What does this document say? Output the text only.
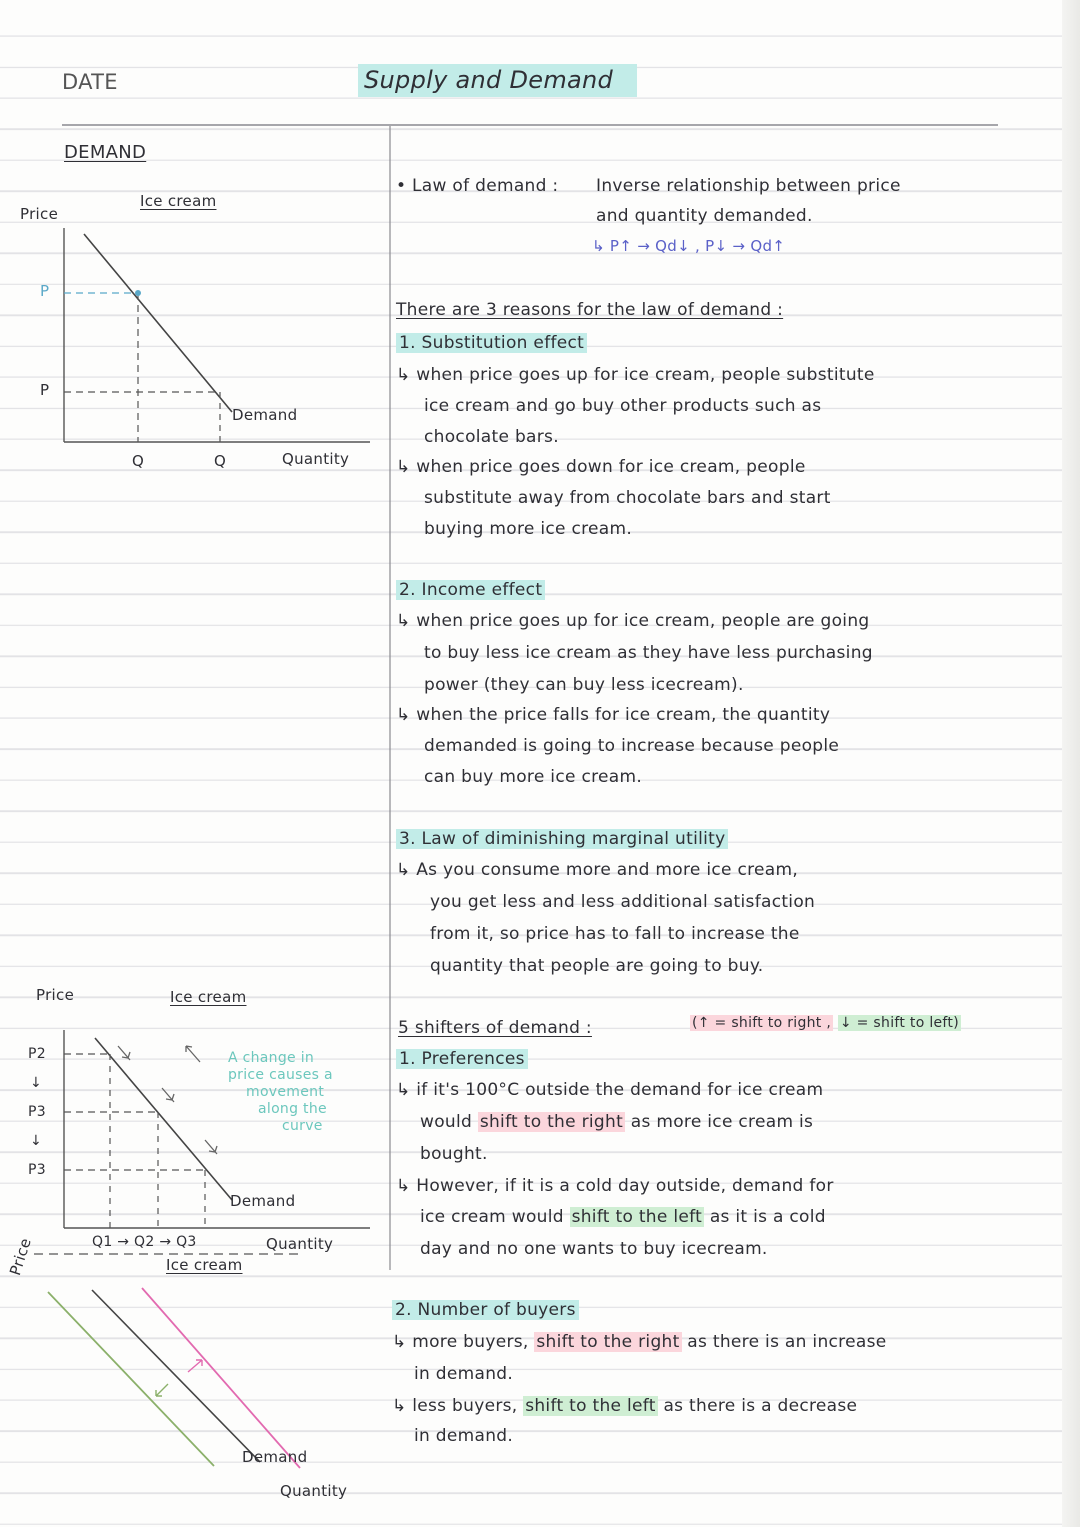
DATE	Supply and Demand
DEMAND
Price
Ice cream
P
P
Q	Q
Demand
Quantity
Price	Ice cream
P2
↓
P3
↓
P3
Q1 → Q2 → Q3
Demand
Quantity
A change in
price causes a
movement
along the
curve
Ice cream
Price
Demand
Quantity
• Law of demand : Inverse relationship between price
and quantity demanded.
↳ P↑ → Qd↓ , P↓ → Qd↑
There are 3 reasons for the law of demand :
1. Substitution effect
↳ when price goes up for ice cream, people substitute
ice cream and go buy other products such as
chocolate bars.
↳ when price goes down for ice cream, people
substitute away from chocolate bars and start
buying more ice cream.
2. Income effect
↳ when price goes up for ice cream, people are going
to buy less ice cream as they have less purchasing
power (they can buy less icecream).
↳ when the price falls for ice cream, the quantity
demanded is going to increase because people
can buy more ice cream.
3. Law of diminishing marginal utility
↳ As you consume more and more ice cream,
you get less and less additional satisfaction
from it, so price has to fall to increase the
quantity that people are going to buy.
5 shifters of demand :	(↑ = shift to right , ↓ = shift to left)
1. Preferences
↳ if it's 100°C outside the demand for ice cream
would shift to the right as more ice cream is
bought.
↳ However, if it is a cold day outside, demand for
ice cream would shift to the left as it is a cold
day and no one wants to buy icecream.
2. Number of buyers
↳ more buyers, shift to the right as there is an increase
in demand.
↳ less buyers, shift to the left as there is a decrease
in demand.
